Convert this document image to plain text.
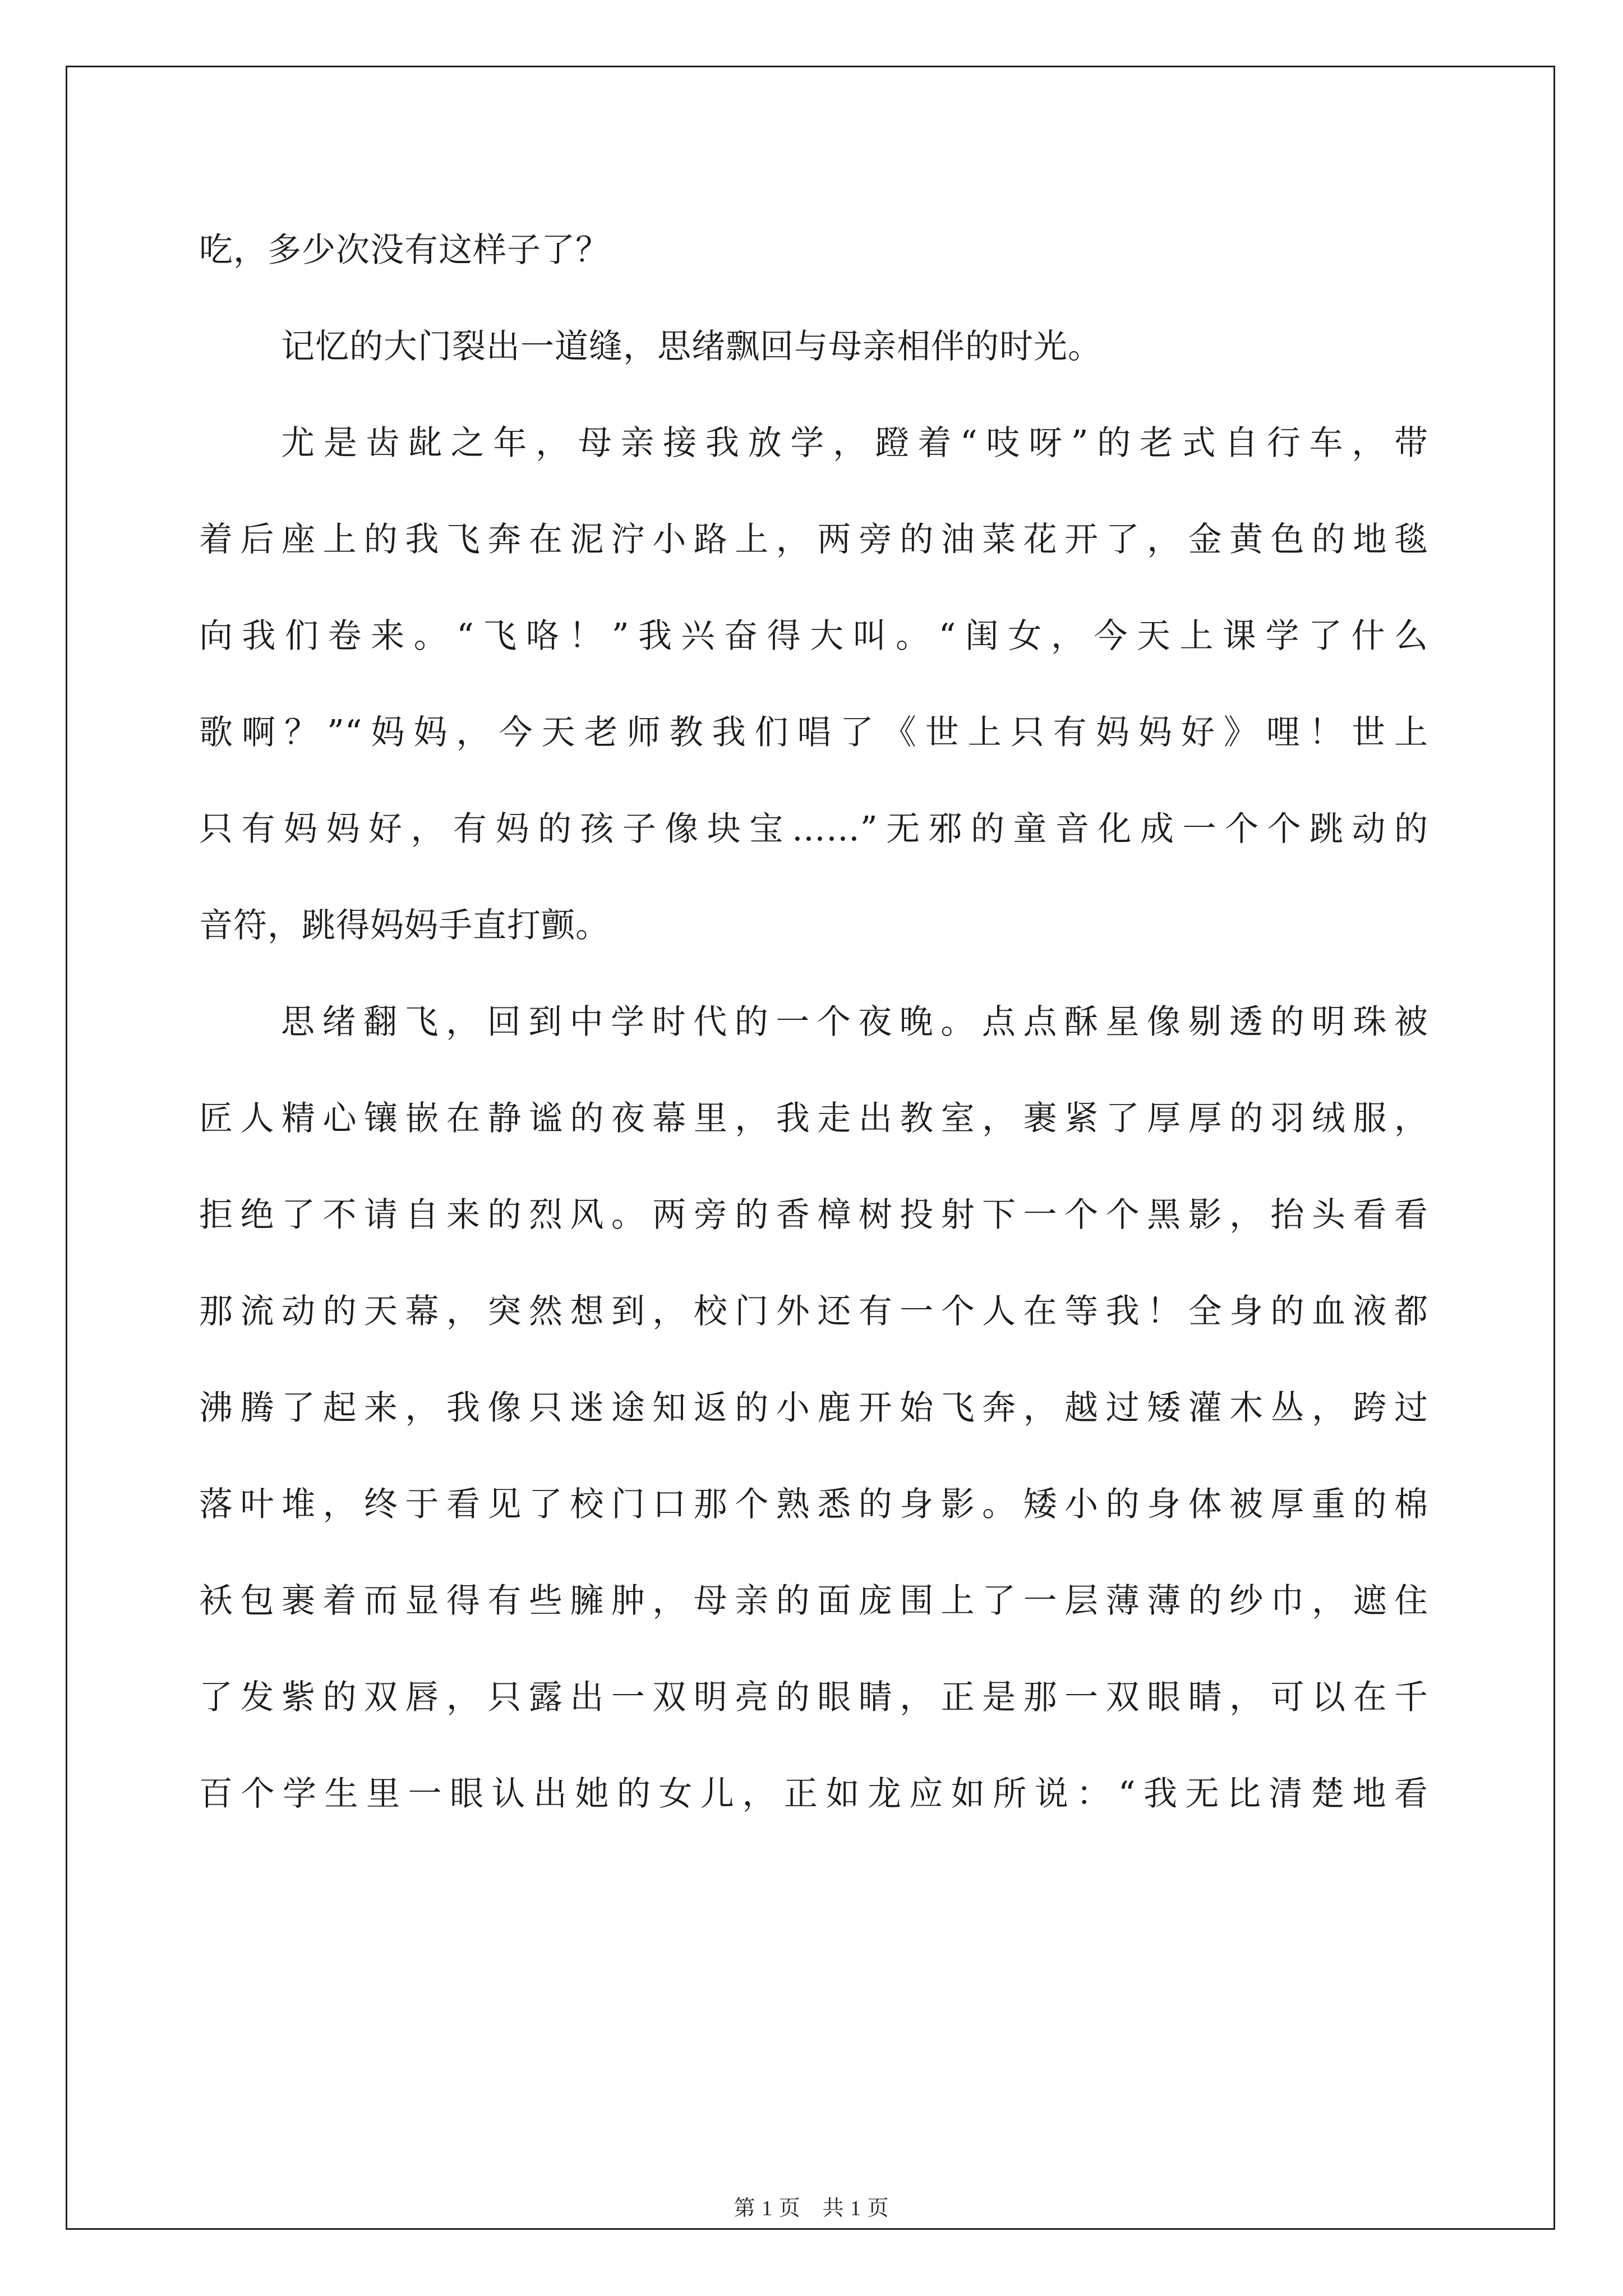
吃，多少次没有这样子了？
记忆的大门裂出一道缝，思绪飘回与母亲相伴的时光。
尤是齿龀之年，母亲接我放学，蹬着“吱呀”的老式自行车，带
着后座上的我飞奔在泥泞小路上，两旁的油菜花开了，金黄色的地毯
向我们卷来。“飞咯！”我兴奋得大叫。“闺女，今天上课学了什么
歌啊？”“妈妈，今天老师教我们唱了《世上只有妈妈好》哩！世上
只有妈妈好，有妈的孩子像块宝……”无邪的童音化成一个个跳动的
音符，跳得妈妈手直打颤。
思绪翻飞，回到中学时代的一个夜晚。点点酥星像剔透的明珠被
匠人精心镶嵌在静谧的夜幕里，我走出教室，裹紧了厚厚的羽绒服，
拒绝了不请自来的烈风。两旁的香樟树投射下一个个黑影，抬头看看
那流动的天幕，突然想到，校门外还有一个人在等我！全身的血液都
沸腾了起来，我像只迷途知返的小鹿开始飞奔，越过矮灌木丛，跨过
落叶堆，终于看见了校门口那个熟悉的身影。矮小的身体被厚重的棉
袄包裹着而显得有些臃肿，母亲的面庞围上了一层薄薄的纱巾，遮住
了发紫的双唇，只露出一双明亮的眼睛，正是那一双眼睛，可以在千
百个学生里一眼认出她的女儿，正如龙应如所说：“我无比清楚地看
第 1 页　共 1 页
